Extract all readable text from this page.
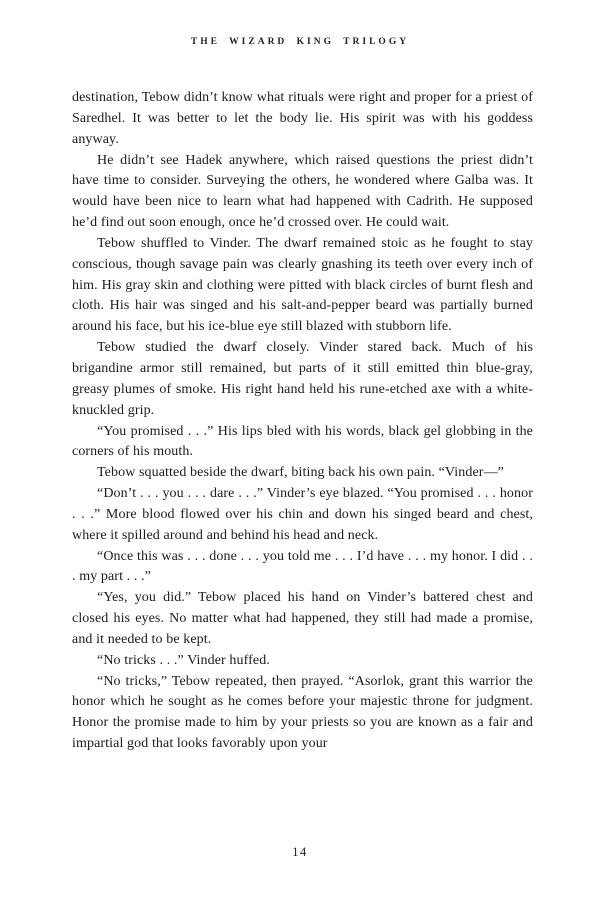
THE WIZARD KING TRILOGY

destination, Tebow didn’t know what rituals were right and proper for a priest of Saredhel. It was better to let the body lie. His spirit was with his goddess anyway.

He didn’t see Hadek anywhere, which raised questions the priest didn’t have time to consider. Surveying the others, he wondered where Galba was. It would have been nice to learn what had happened with Cadrith. He supposed he’d find out soon enough, once he’d crossed over. He could wait.

Tebow shuffled to Vinder. The dwarf remained stoic as he fought to stay conscious, though savage pain was clearly gnashing its teeth over every inch of him. His gray skin and clothing were pitted with black circles of burnt flesh and cloth. His hair was singed and his salt-and-pepper beard was partially burned around his face, but his ice-blue eye still blazed with stubborn life.

Tebow studied the dwarf closely. Vinder stared back. Much of his brigandine armor still remained, but parts of it still emitted thin blue-gray, greasy plumes of smoke. His right hand held his rune-etched axe with a white-knuckled grip.

“You promised . . .” His lips bled with his words, black gel globbing in the corners of his mouth.

Tebow squatted beside the dwarf, biting back his own pain. “Vinder—”

“Don’t . . . you . . . dare . . .” Vinder’s eye blazed. “You promised . . . honor . . .” More blood flowed over his chin and down his singed beard and chest, where it spilled around and behind his head and neck.

“Once this was . . . done . . . you told me . . . I’d have . . . my honor. I did . . . my part . . .”

“Yes, you did.” Tebow placed his hand on Vinder’s battered chest and closed his eyes. No matter what had happened, they still had made a promise, and it needed to be kept.

“No tricks . . .” Vinder huffed.

“No tricks,” Tebow repeated, then prayed. “Asorlok, grant this warrior the honor which he sought as he comes before your majestic throne for judgment. Honor the promise made to him by your priests so you are known as a fair and impartial god that looks favorably upon your

14
